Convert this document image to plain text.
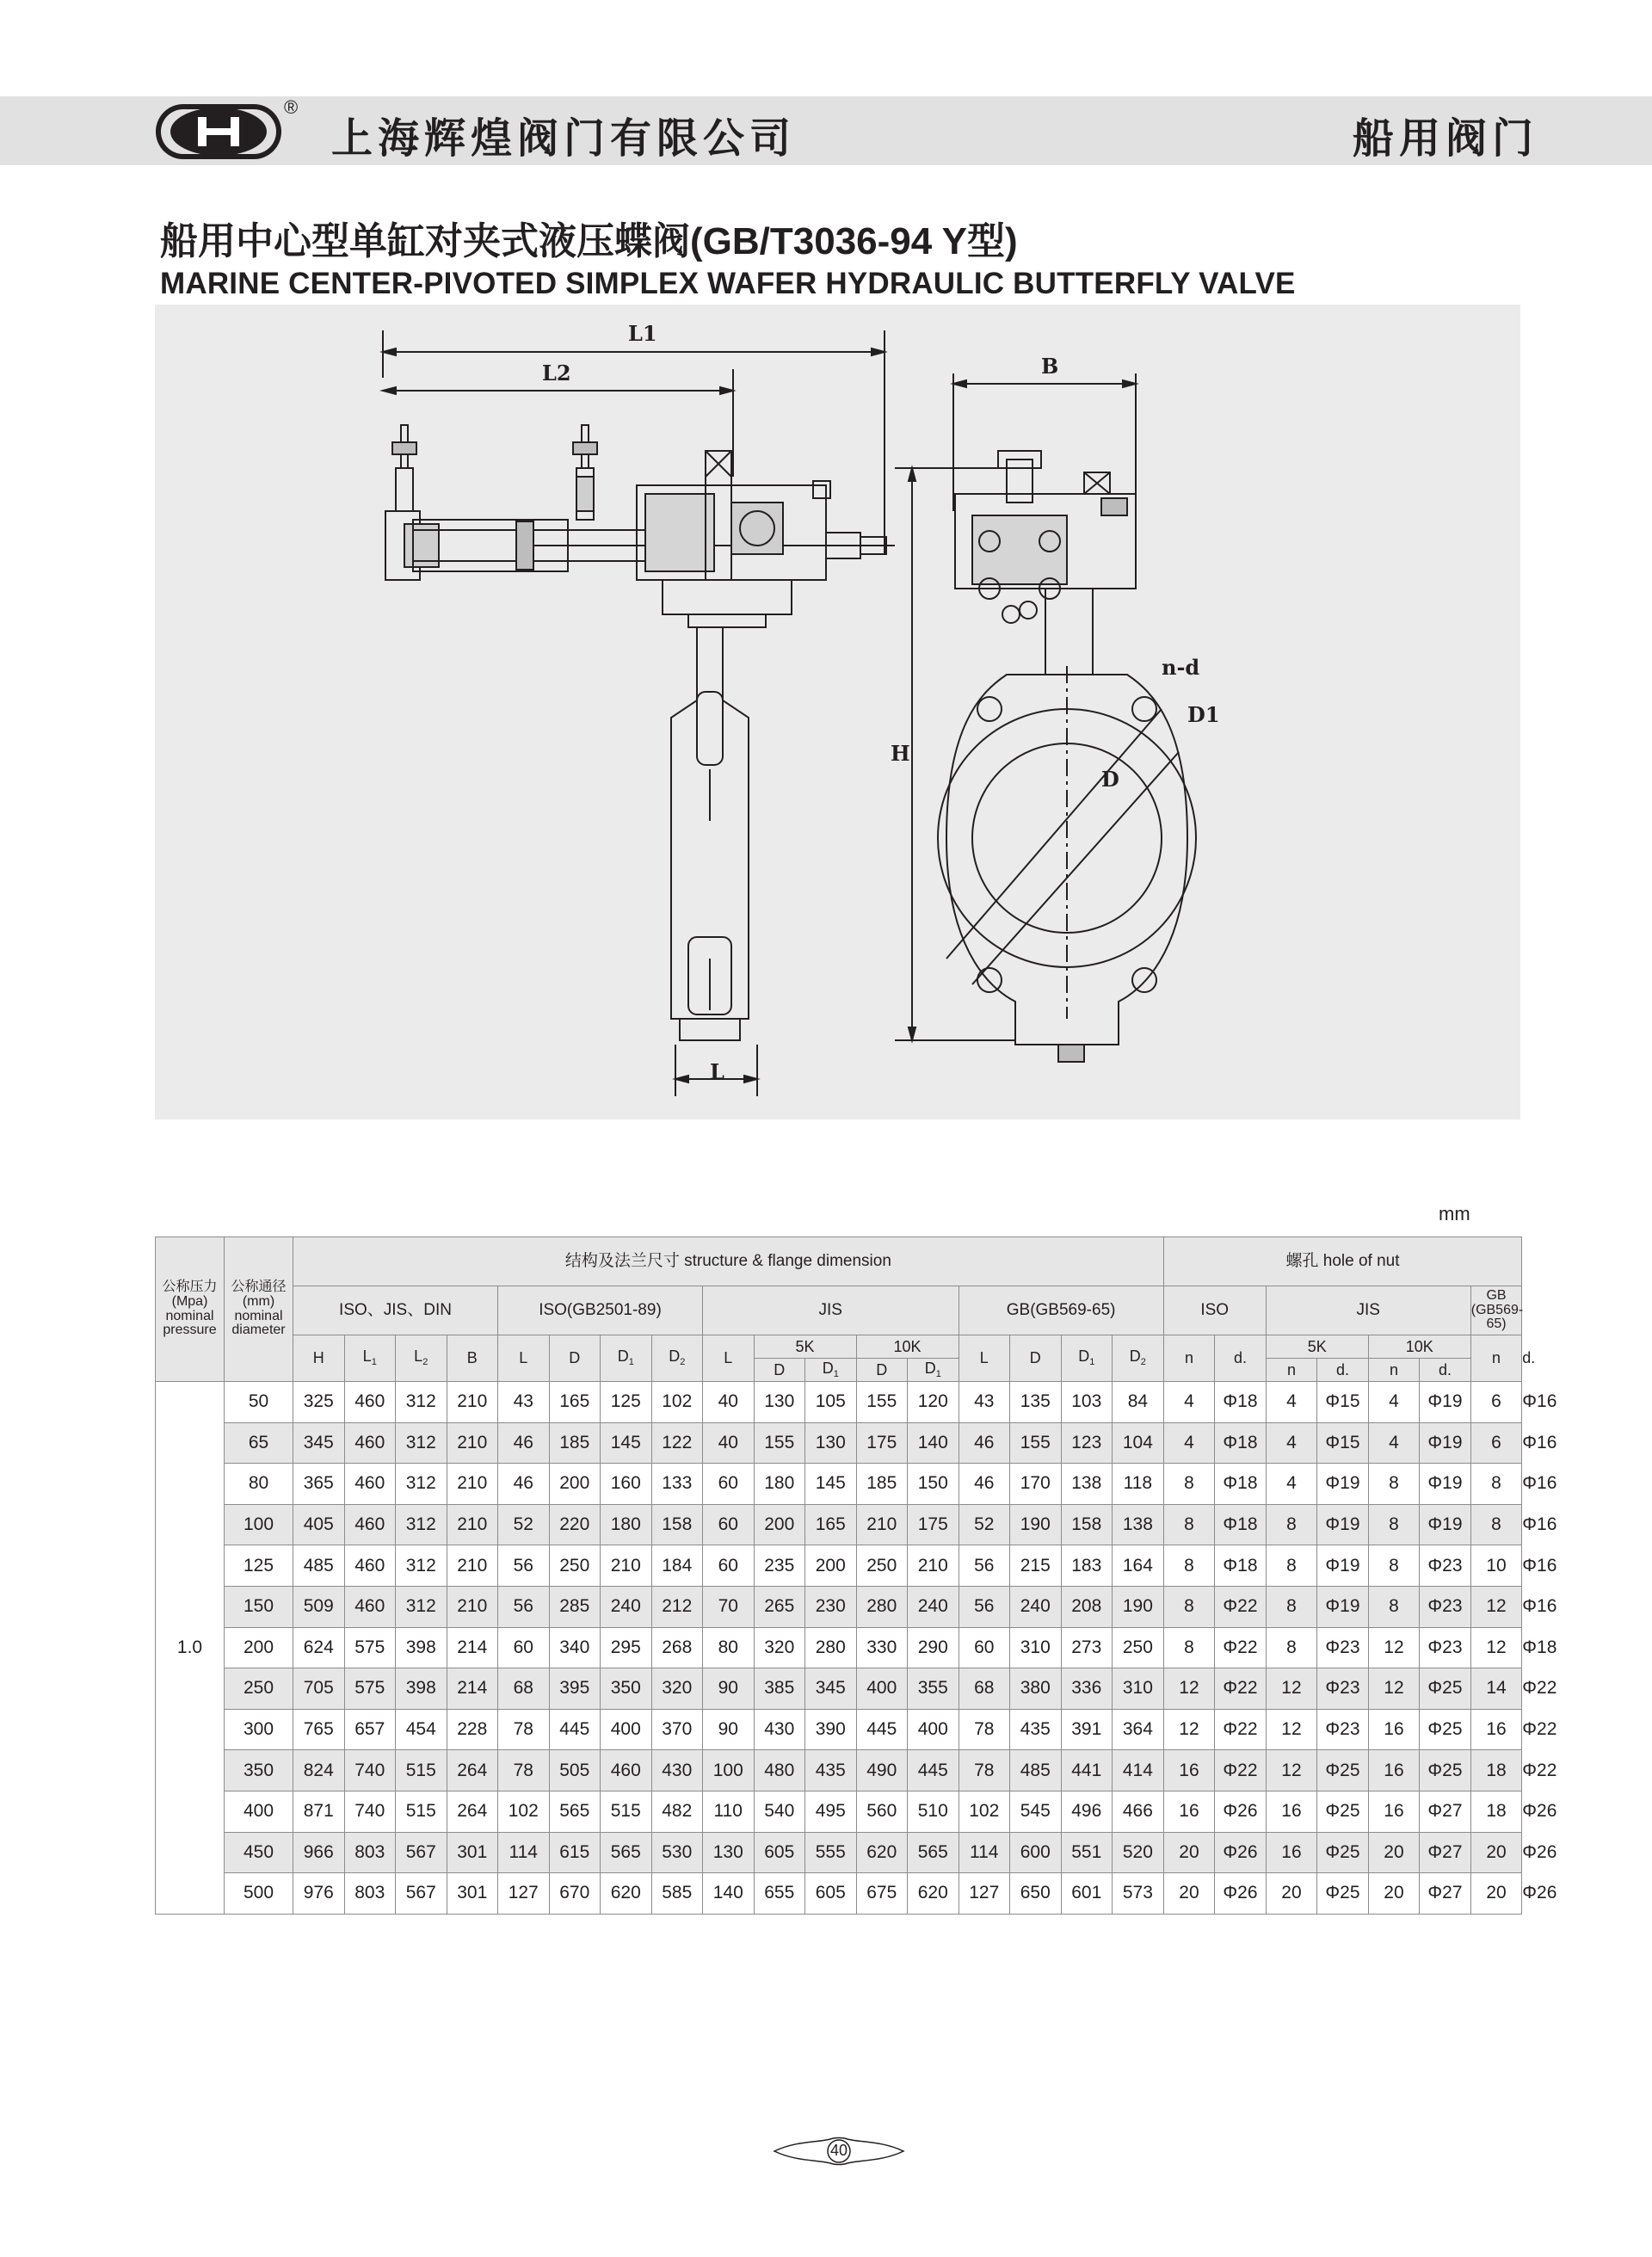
®
上海辉煌阀门有限公司	船用阀门
船用中心型单缸对夹式液压蝶阀(GB/T3036-94 Y型)
MARINE CENTER-PIVOTED SIMPLEX WAFER HYDRAULIC BUTTERFLY VALVE
L1
L2	B
H
L
n-d
D1
D
mm
公称压力 (Mpa) nominal pressure	公称通径 (mm) nominal diameter	结构及法兰尺寸 structure & flange dimension																	螺孔 hole of nut							
		ISO、JIS、DIN				ISO(GB2501-89)				JIS					GB(GB569-65)				ISO		JIS				GB (GB569-65)	
		H	$L_1$	$L_2$	B	L	D	$D_1$	$D_2$	L	5K		10K		L	D	$D_1$	$D_2$	n	d.	5K		10K		n	d.
											D	$D_1$	D	$D_1$							n	d.	n	d.		
1.0	50	325	460	312	210	43	165	125	102	40	130	105	155	120	43	135	103	84	4	Φ18	4	Φ15	4	Φ19	6	Φ16
	65	345	460	312	210	46	185	145	122	40	155	130	175	140	46	155	123	104	4	Φ18	4	Φ15	4	Φ19	6	Φ16
	80	365	460	312	210	46	200	160	133	60	180	145	185	150	46	170	138	118	8	Φ18	4	Φ19	8	Φ19	8	Φ16
	100	405	460	312	210	52	220	180	158	60	200	165	210	175	52	190	158	138	8	Φ18	8	Φ19	8	Φ19	8	Φ16
	125	485	460	312	210	56	250	210	184	60	235	200	250	210	56	215	183	164	8	Φ18	8	Φ19	8	Φ23	10	Φ16
	150	509	460	312	210	56	285	240	212	70	265	230	280	240	56	240	208	190	8	Φ22	8	Φ19	8	Φ23	12	Φ16
	200	624	575	398	214	60	340	295	268	80	320	280	330	290	60	310	273	250	8	Φ22	8	Φ23	12	Φ23	12	Φ18
	250	705	575	398	214	68	395	350	320	90	385	345	400	355	68	380	336	310	12	Φ22	12	Φ23	12	Φ25	14	Φ22
	300	765	657	454	228	78	445	400	370	90	430	390	445	400	78	435	391	364	12	Φ22	12	Φ23	16	Φ25	16	Φ22
	350	824	740	515	264	78	505	460	430	100	480	435	490	445	78	485	441	414	16	Φ22	12	Φ25	16	Φ25	18	Φ22
	400	871	740	515	264	102	565	515	482	110	540	495	560	510	102	545	496	466	16	Φ26	16	Φ25	16	Φ27	18	Φ26
	450	966	803	567	301	114	615	565	530	130	605	555	620	565	114	600	551	520	20	Φ26	16	Φ25	20	Φ27	20	Φ26
	500	976	803	567	301	127	670	620	585	140	655	605	675	620	127	650	601	573	20	Φ26	20	Φ25	20	Φ27	20	Φ26
40
